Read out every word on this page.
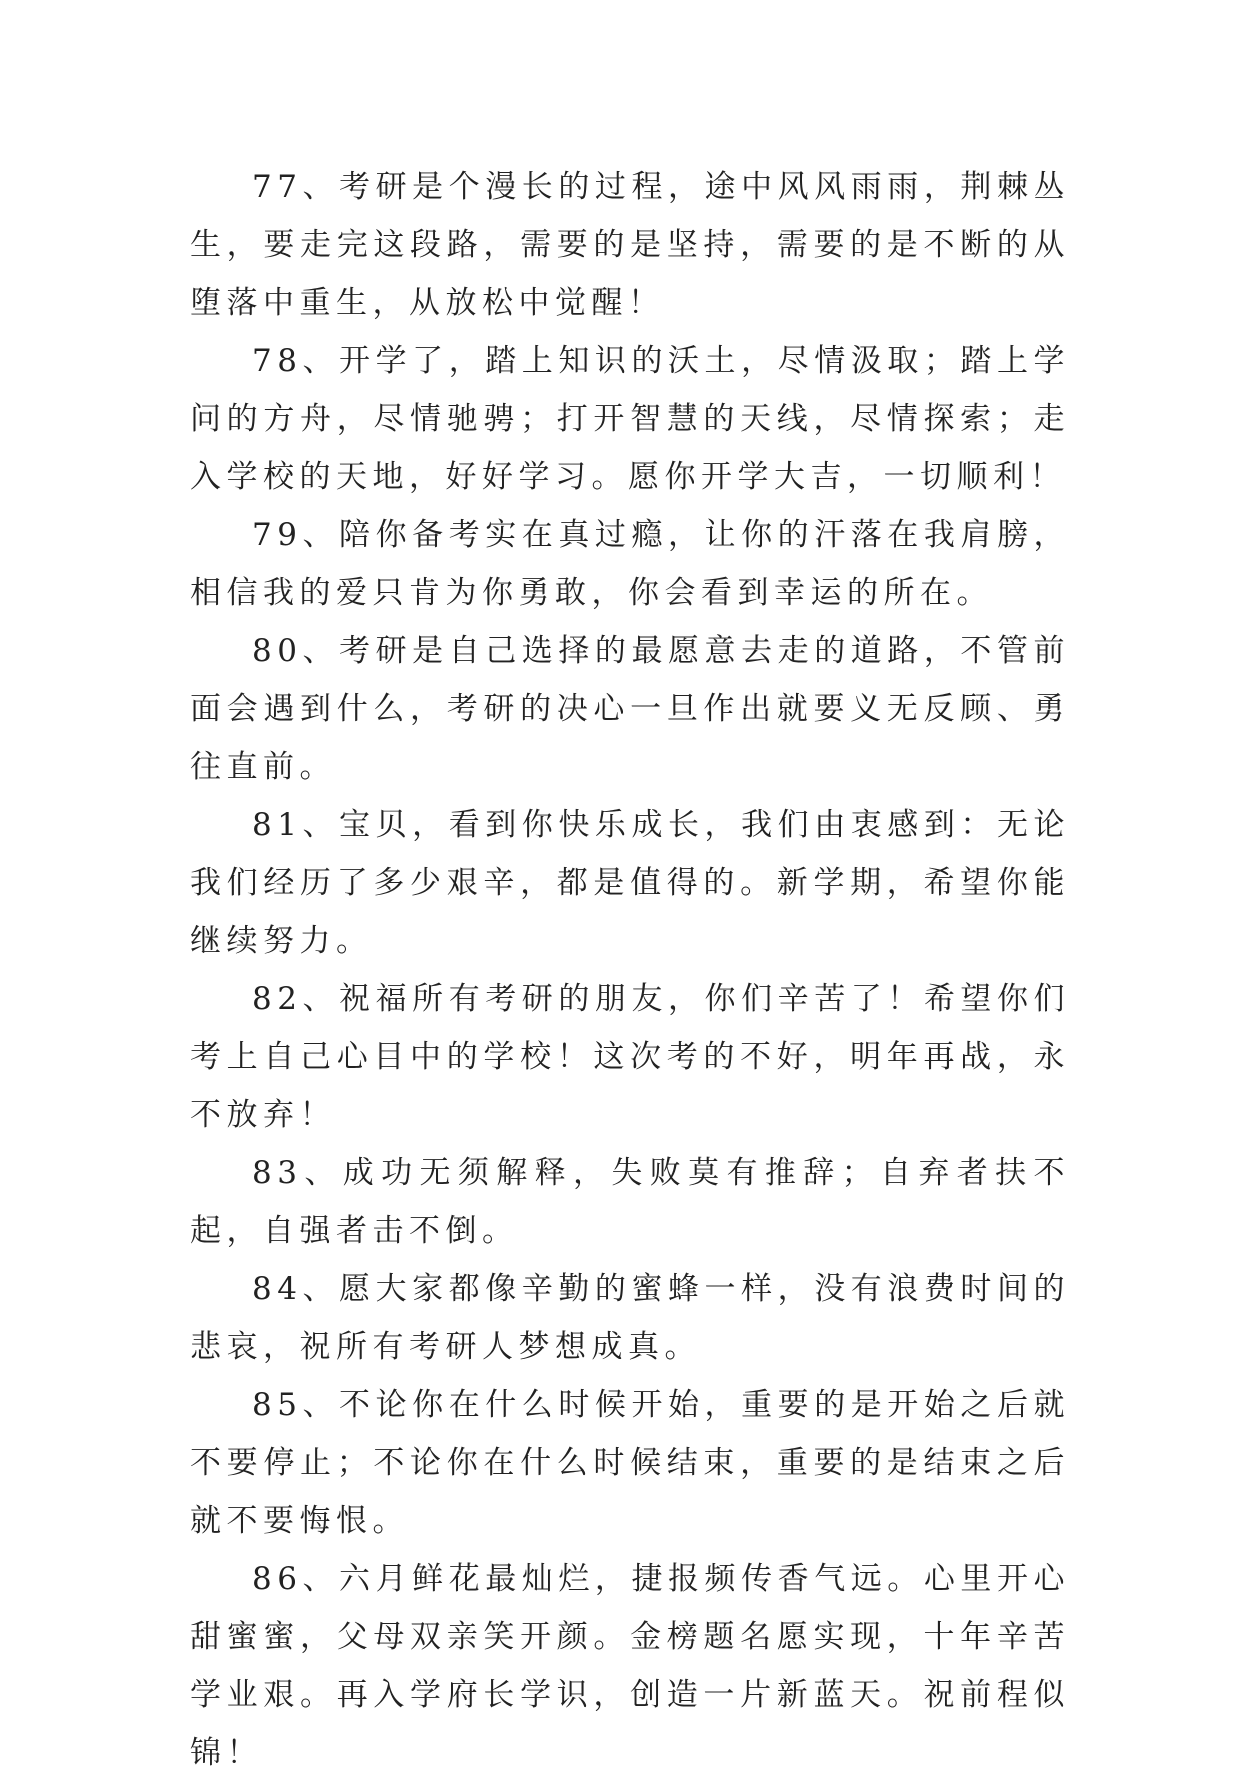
77、考研是个漫长的过程，途中风风雨雨，荆棘丛生，要走完这段路，需要的是坚持，需要的是不断的从堕落中重生，从放松中觉醒！

78、开学了，踏上知识的沃土，尽情汲取；踏上学问的方舟，尽情驰骋；打开智慧的天线，尽情探索；走入学校的天地，好好学习。愿你开学大吉，一切顺利！

79、陪你备考实在真过瘾，让你的汗落在我肩膀，相信我的爱只肯为你勇敢，你会看到幸运的所在。

80、考研是自己选择的最愿意去走的道路，不管前面会遇到什么，考研的决心一旦作出就要义无反顾、勇往直前。

81、宝贝，看到你快乐成长，我们由衷感到：无论我们经历了多少艰辛，都是值得的。新学期，希望你能继续努力。

82、祝福所有考研的朋友，你们辛苦了！希望你们考上自己心目中的学校！这次考的不好，明年再战，永不放弃！

83、成功无须解释，失败莫有推辞；自弃者扶不起，自强者击不倒。

84、愿大家都像辛勤的蜜蜂一样，没有浪费时间的悲哀，祝所有考研人梦想成真。

85、不论你在什么时候开始，重要的是开始之后就不要停止；不论你在什么时候结束，重要的是结束之后就不要悔恨。

86、六月鲜花最灿烂，捷报频传香气远。心里开心甜蜜蜜，父母双亲笑开颜。金榜题名愿实现，十年辛苦学业艰。再入学府长学识，创造一片新蓝天。祝前程似锦！
